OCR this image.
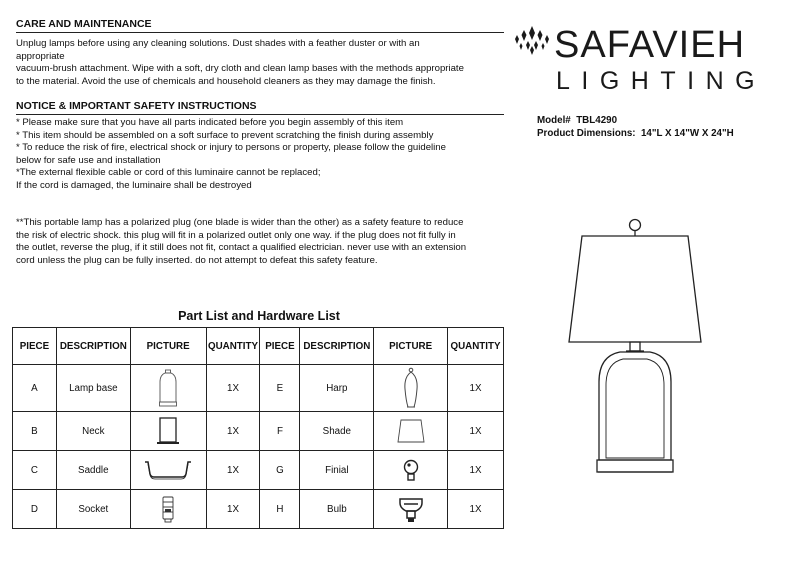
CARE AND MAINTENANCE
Unplug lamps before using any cleaning solutions. Dust shades with a feather duster or with an
appropriate
vacuum-brush attachment. Wipe with a soft, dry cloth and clean lamp bases with the methods appropriate
to the material. Avoid the use of chemicals and household cleaners as they may damage the finish.
NOTICE & IMPORTANT SAFETY INSTRUCTIONS
* Please make sure that you have all parts indicated before you begin assembly of this item
* This item should be assembled on a soft surface to prevent scratching the finish during assembly
* To reduce the risk of fire, electrical shock or injury to persons or property, please follow the guideline
below for safe use and installation
*The external flexible cable or cord of this luminaire cannot be replaced;
If the cord is damaged, the luminaire shall be destroyed
**This portable lamp has a polarized plug (one blade is wider than the other) as a safety feature to reduce
the risk of electric shock. this plug will fit in a polarized outlet only one way. if the plug does not fit fully in
the outlet, reverse the plug, if it still does not fit, contact a qualified electrician. never use with an extension
cord unless the plug can be fully inserted. do not attempt to defeat this safety feature.
SAFAVIEH
LIGHTING
Model# TBL4290
Product Dimensions: 14"L X 14"W X 24"H
Part List and Hardware List
PIECE	DESCRIPTION	PICTURE	QUANTITY	PIECE	DESCRIPTION	PICTURE	QUANTITY
A	Lamp base		1X	E	Harp		1X
B	Neck		1X	F	Shade		1X
C	Saddle		1X	G	Finial		1X
D	Socket		1X	H	Bulb		1X
